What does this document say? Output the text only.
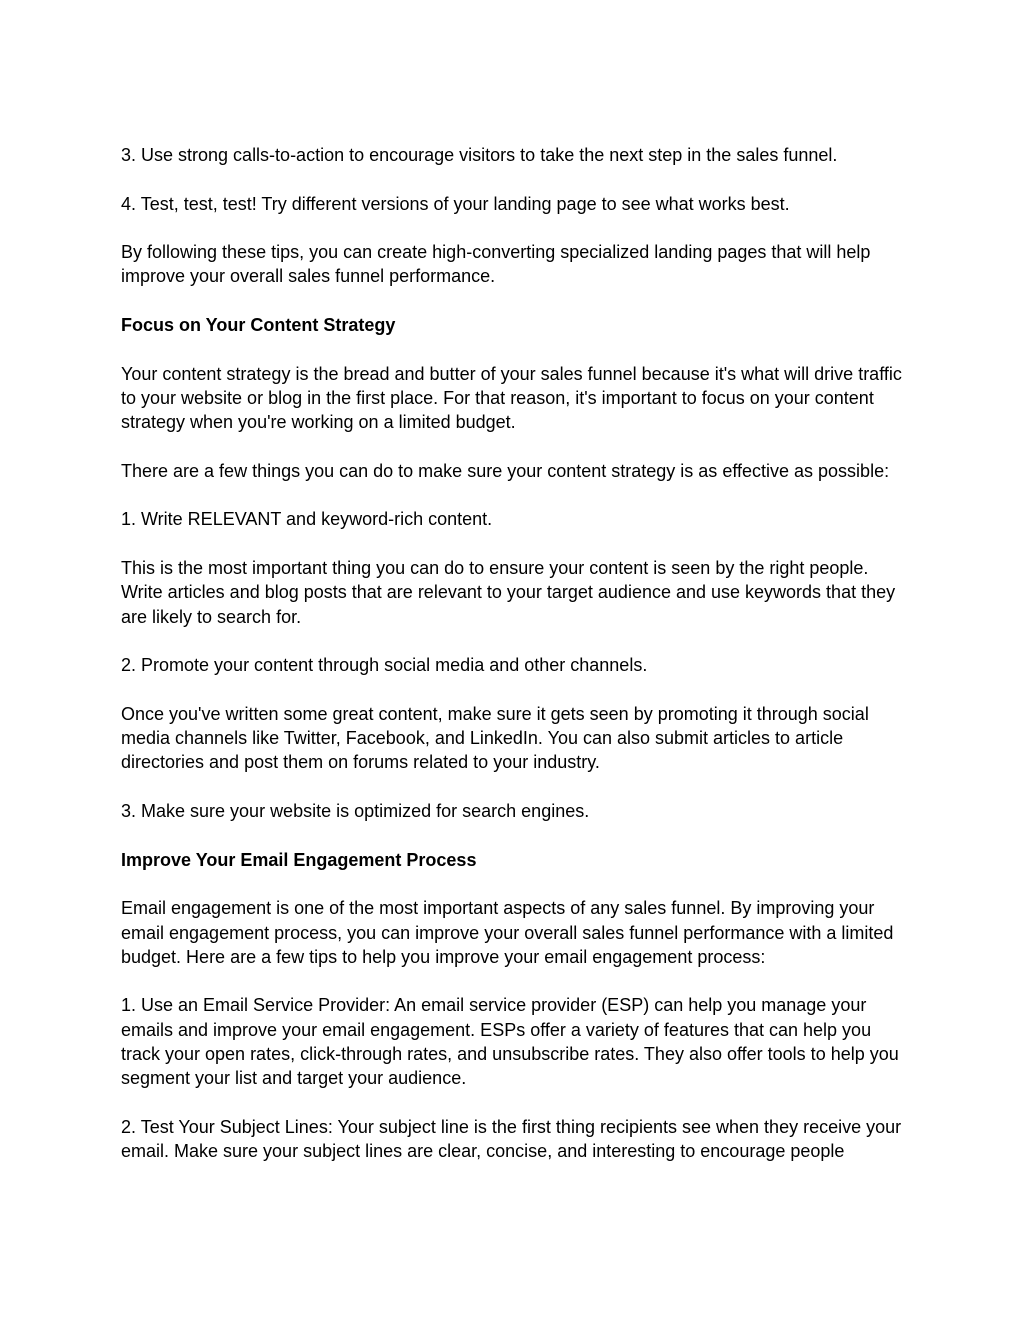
3. Use strong calls-to-action to encourage visitors to take the next step in the sales funnel.

4. Test, test, test! Try different versions of your landing page to see what works best.

By following these tips, you can create high-converting specialized landing pages that will help improve your overall sales funnel performance.

Focus on Your Content Strategy

Your content strategy is the bread and butter of your sales funnel because it's what will drive traffic to your website or blog in the first place. For that reason, it's important to focus on your content strategy when you're working on a limited budget.

There are a few things you can do to make sure your content strategy is as effective as possible:

1. Write RELEVANT and keyword-rich content.

This is the most important thing you can do to ensure your content is seen by the right people. Write articles and blog posts that are relevant to your target audience and use keywords that they are likely to search for.

2. Promote your content through social media and other channels.

Once you've written some great content, make sure it gets seen by promoting it through social media channels like Twitter, Facebook, and LinkedIn. You can also submit articles to article directories and post them on forums related to your industry.

3. Make sure your website is optimized for search engines.

Improve Your Email Engagement Process

Email engagement is one of the most important aspects of any sales funnel. By improving your email engagement process, you can improve your overall sales funnel performance with a limited budget. Here are a few tips to help you improve your email engagement process:

1. Use an Email Service Provider: An email service provider (ESP) can help you manage your emails and improve your email engagement. ESPs offer a variety of features that can help you track your open rates, click-through rates, and unsubscribe rates. They also offer tools to help you segment your list and target your audience.

2. Test Your Subject Lines: Your subject line is the first thing recipients see when they receive your email. Make sure your subject lines are clear, concise, and interesting to encourage people
